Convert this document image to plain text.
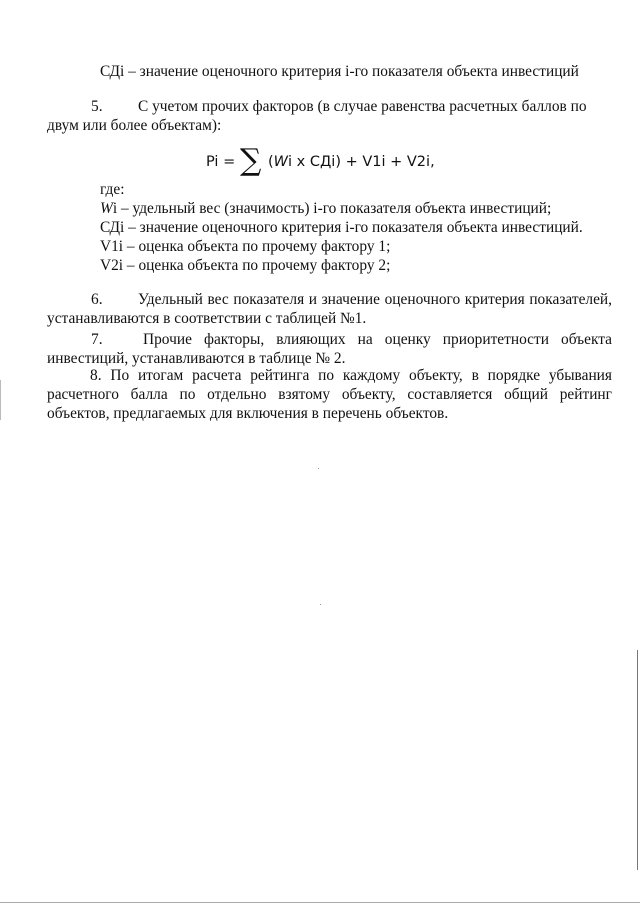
СДi – значение оценочного критерия i-го показателя объекта инвестиций

5. С учетом прочих факторов (в случае равенства расчетных баллов по

двум или более объектам):

Pi = ∑ (Wi x СДi) + V1i + V2i,

где:

Wi – удельный вес (значимость) i-го показателя объекта инвестиций;

СДi – значение оценочного критерия i-го показателя объекта инвестиций.

V1i – оценка объекта по прочему фактору 1;

V2i – оценка объекта по прочему фактору 2;

6. Удельный вес показателя и значение оценочного критерия показателей,

устанавливаются в соответствии с таблицей №1.

7.	Прочие факторы, влияющих на оценку приоритетности объекта

инвестиций, устанавливаются в таблице № 2.

8. По итогам расчета рейтинга по каждому объекту, в порядке убывания

расчетного балла по отдельно взятому объекту, составляется общий рейтинг

объектов, предлагаемых для включения в перечень объектов.
